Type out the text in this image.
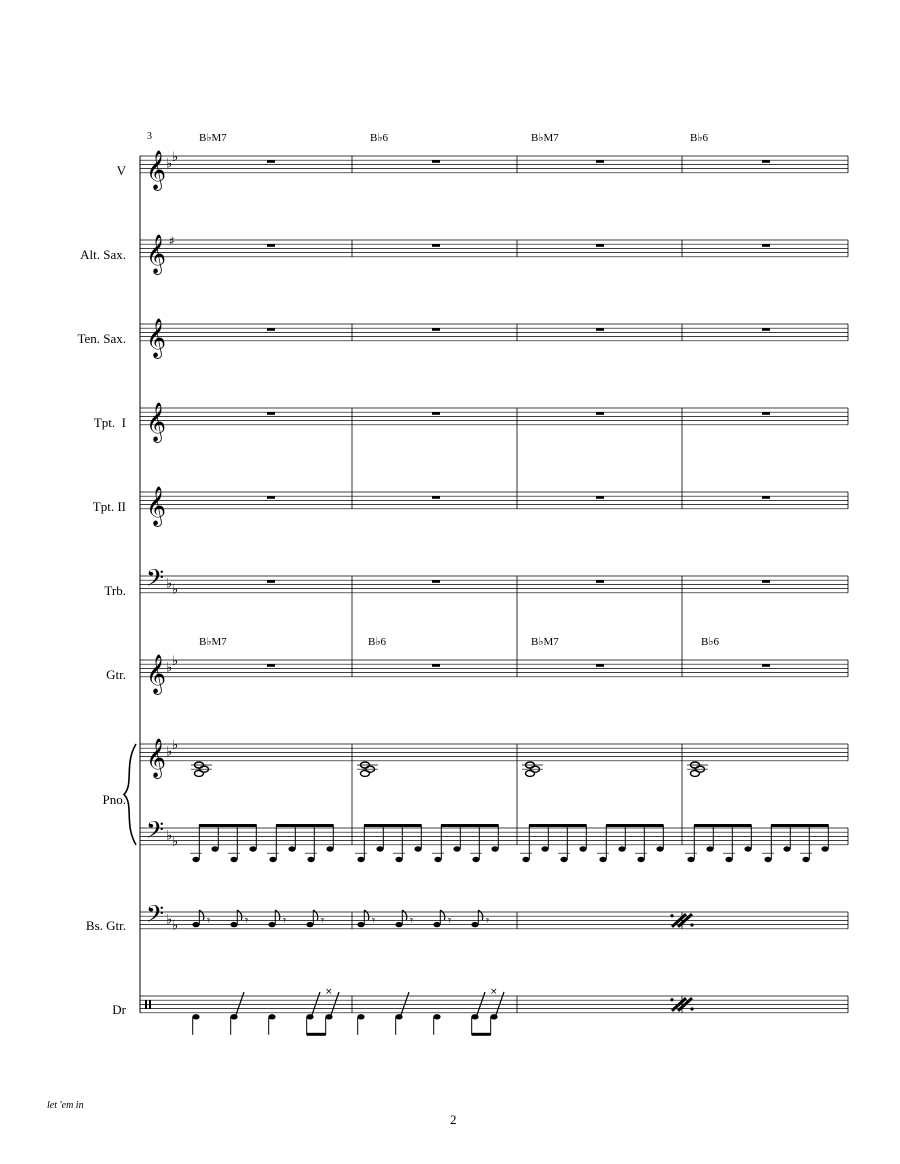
𝄞
𝄞
𝄞
𝄞
𝄞
𝄞
𝄞
𝄢
𝄢
𝄢
♭ ♭
♭ ♭
♭ ♭
♭ ♭
♭ ♭
♭ ♭
♯
𝄾	𝄾	𝄾	𝄾	𝄾	𝄾	𝄾	𝄾
×	×
3
V
Alt. Sax.
Ten. Sax.
Tpt.  I
Tpt. II
Trb.
Gtr.
Pno.
Bs. Gtr.
Dr
B♭M7	B♭6	B♭M7	B♭6
B♭M7	B♭6	B♭M7	B♭6
let 'em in
2
